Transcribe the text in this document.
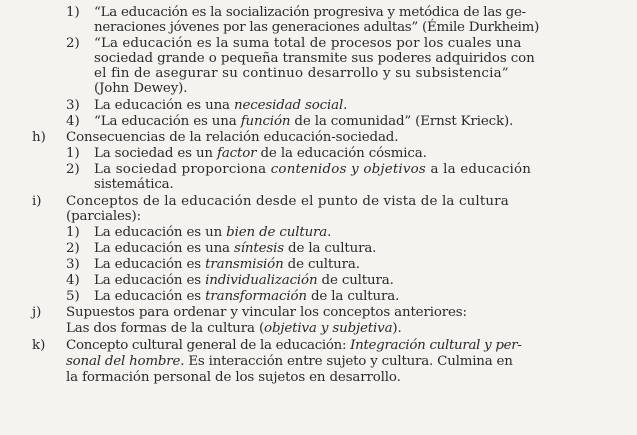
1) “La educación es la socialización progresiva y metódica de las ge-
neraciones jóvenes por las generaciones adultas” (Émile Durkheim)
2) “La educación es la suma total de procesos por los cuales una
sociedad grande o pequeña transmite sus poderes adquiridos con
el fin de asegurar su continuo desarrollo y su subsistencia”
(John Dewey).
3) La educación es una necesidad social.
4) “La educación es una función de la comunidad” (Ernst Krieck).
h) Consecuencias de la relación educación-sociedad.
1) La sociedad es un factor de la educación cósmica.
2) La sociedad proporciona contenidos y objetivos a la educación
sistemática.
i) Conceptos de la educación desde el punto de vista de la cultura
(parciales):
1) La educación es un bien de cultura.
2) La educación es una síntesis de la cultura.
3) La educación es transmisión de cultura.
4) La educación es individualización de cultura.
5) La educación es transformación de la cultura.
j) Supuestos para ordenar y vincular los conceptos anteriores:
Las dos formas de la cultura (objetiva y subjetiva).
k) Concepto cultural general de la educación: Integración cultural y per-
sonal del hombre. Es interacción entre sujeto y cultura. Culmina en
la formación personal de los sujetos en desarrollo.
